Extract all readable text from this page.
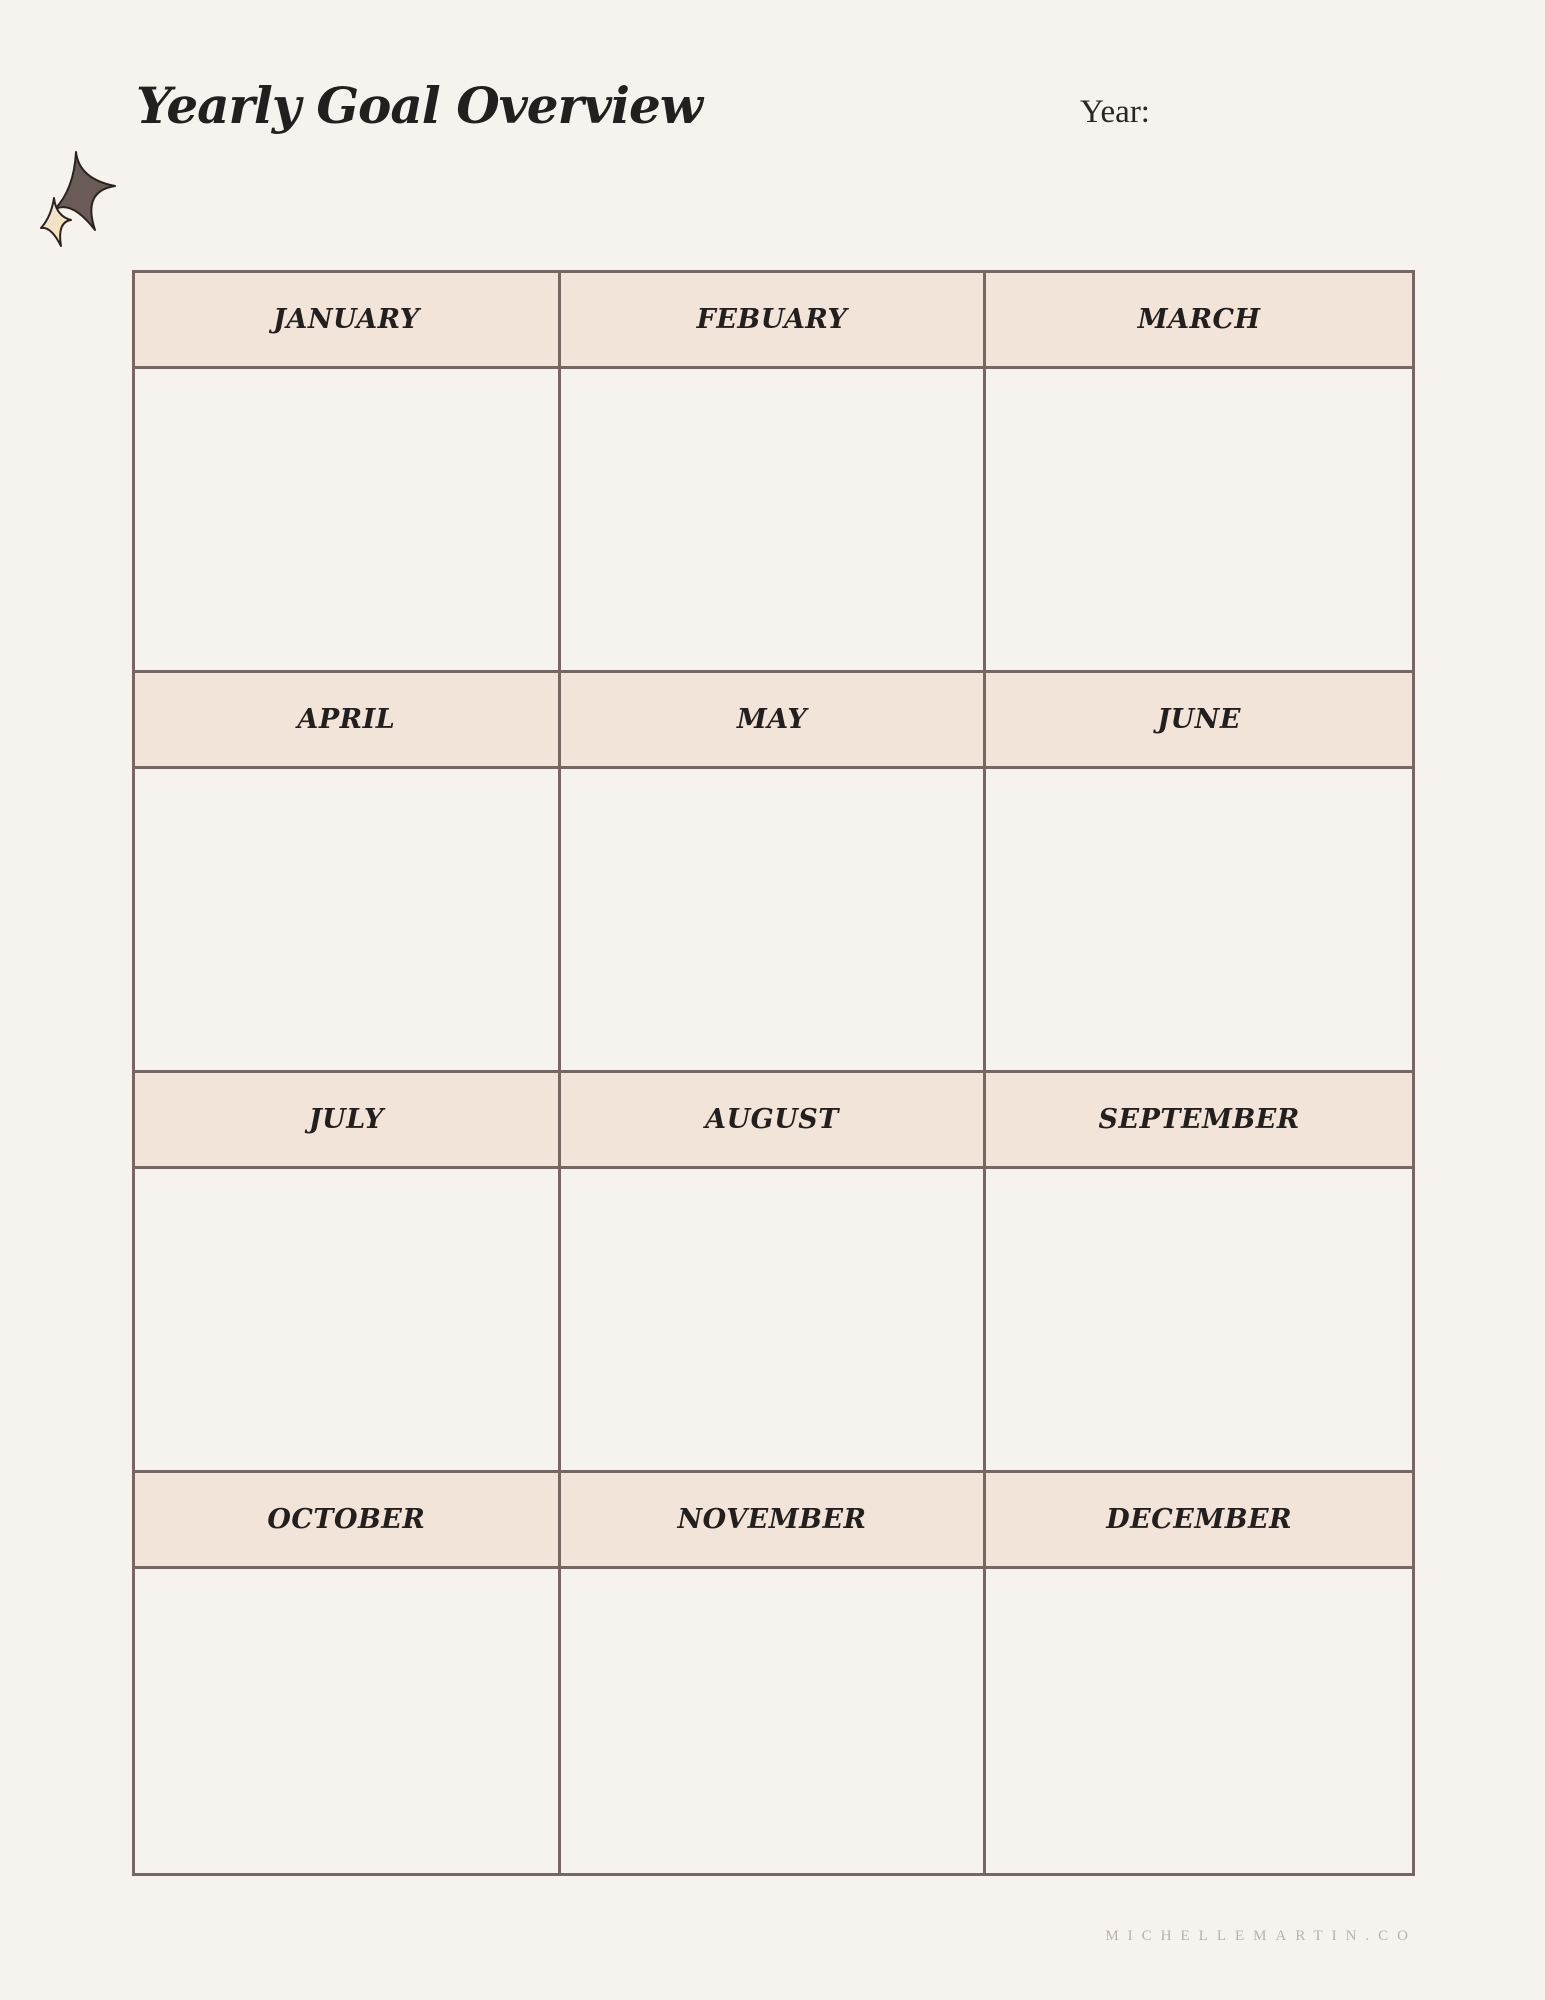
Yearly Goal Overview	Year:
JANUARY	FEBUARY	MARCH
APRIL	MAY	JUNE
JULY	AUGUST	SEPTEMBER
OCTOBER	NOVEMBER	DECEMBER
MICHELLEMARTIN.CO
